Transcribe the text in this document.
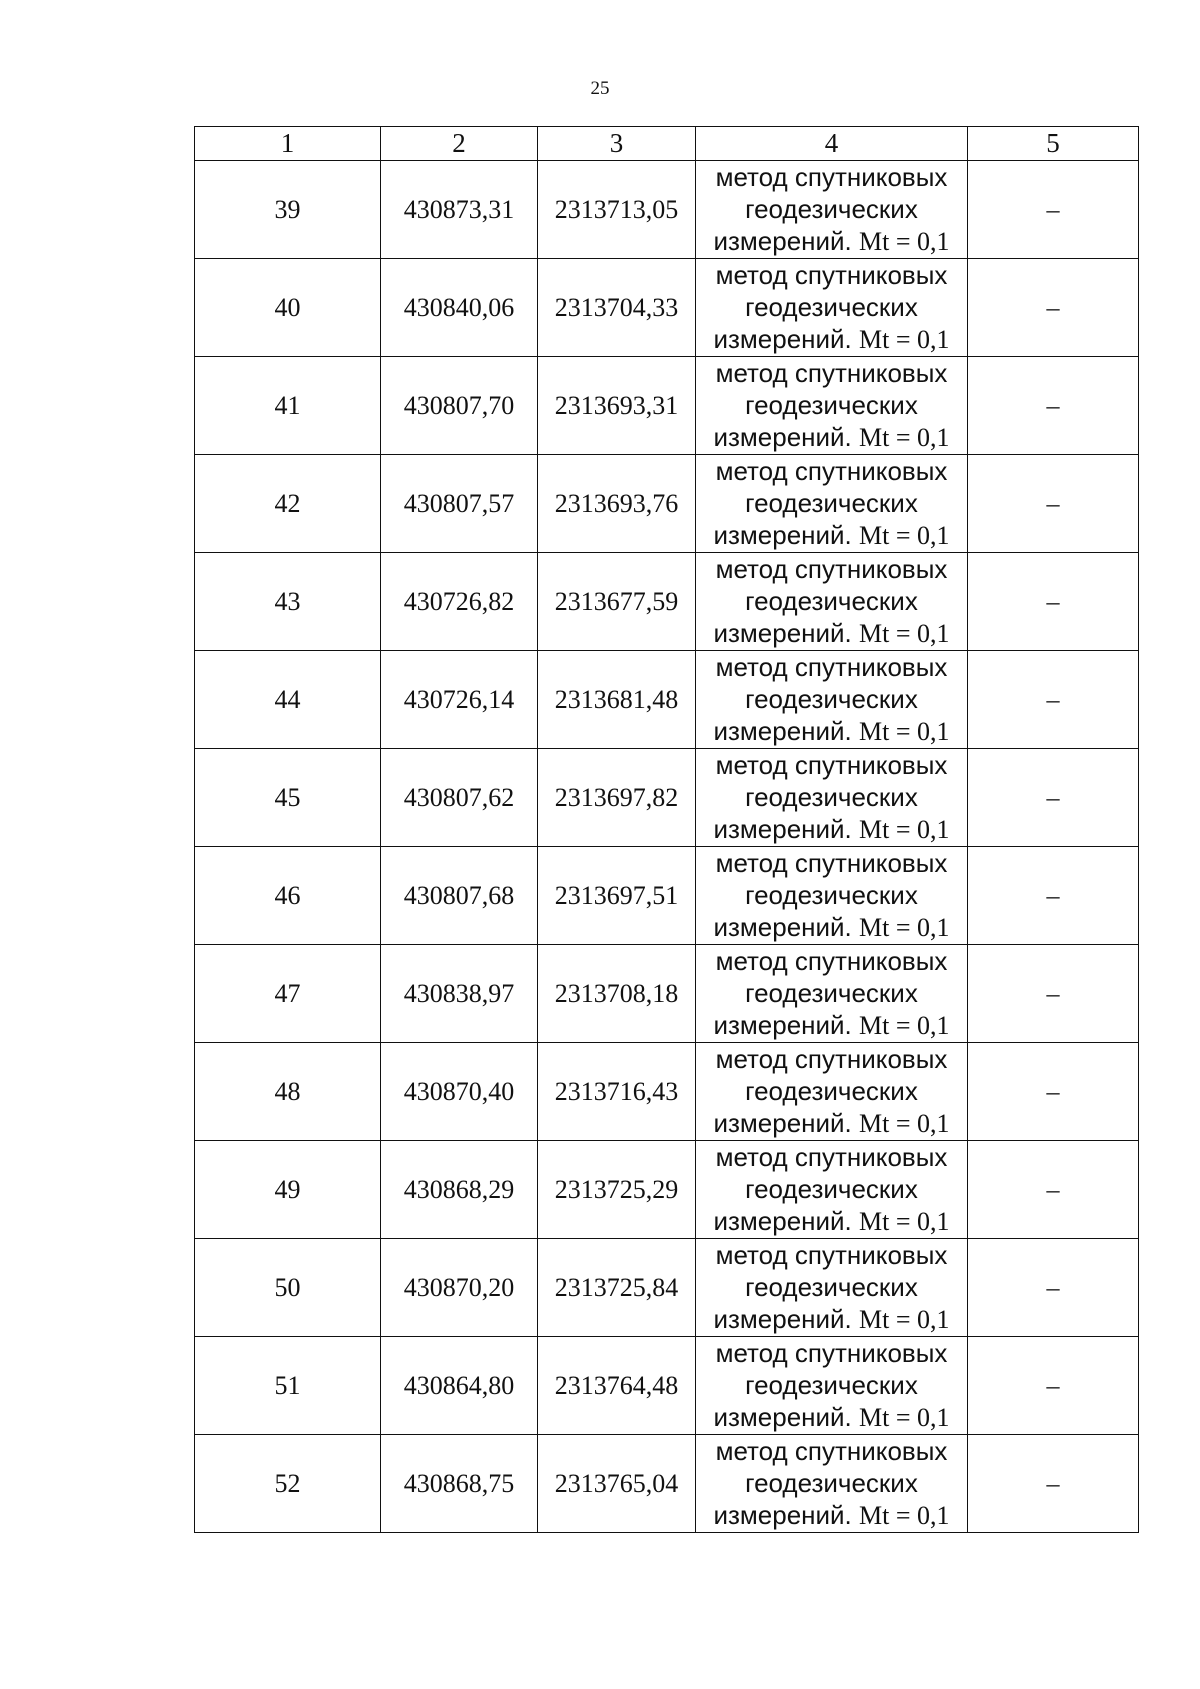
25
1	2	3	4	5
39	430873,31	2313713,05	метод спутниковых
геодезических
измерений. Mt = 0,1	–
40	430840,06	2313704,33	метод спутниковых
геодезических
измерений. Mt = 0,1	–
41	430807,70	2313693,31	метод спутниковых
геодезических
измерений. Mt = 0,1	–
42	430807,57	2313693,76	метод спутниковых
геодезических
измерений. Mt = 0,1	–
43	430726,82	2313677,59	метод спутниковых
геодезических
измерений. Mt = 0,1	–
44	430726,14	2313681,48	метод спутниковых
геодезических
измерений. Mt = 0,1	–
45	430807,62	2313697,82	метод спутниковых
геодезических
измерений. Mt = 0,1	–
46	430807,68	2313697,51	метод спутниковых
геодезических
измерений. Mt = 0,1	–
47	430838,97	2313708,18	метод спутниковых
геодезических
измерений. Mt = 0,1	–
48	430870,40	2313716,43	метод спутниковых
геодезических
измерений. Mt = 0,1	–
49	430868,29	2313725,29	метод спутниковых
геодезических
измерений. Mt = 0,1	–
50	430870,20	2313725,84	метод спутниковых
геодезических
измерений. Mt = 0,1	–
51	430864,80	2313764,48	метод спутниковых
геодезических
измерений. Mt = 0,1	–
52	430868,75	2313765,04	метод спутниковых
геодезических
измерений. Mt = 0,1	–
